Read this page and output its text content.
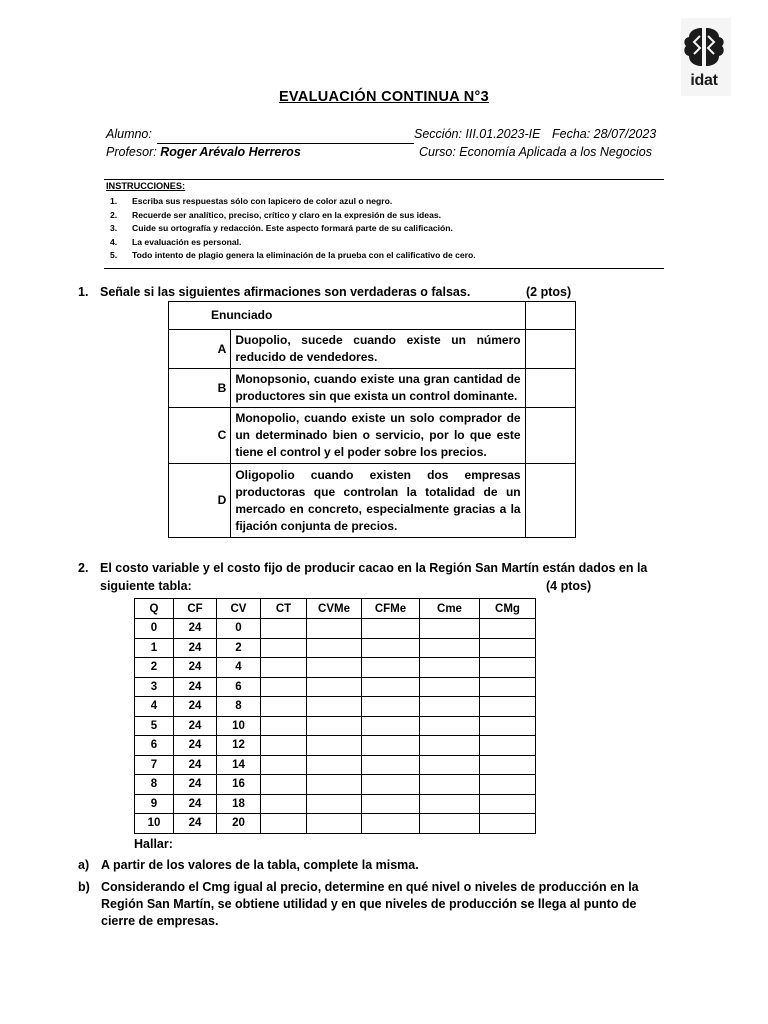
idat
EVALUACIÓN CONTINUA N°3
Alumno:	Sección: III.01.2023-IE Fecha: 28/07/2023
Profesor: Roger Arévalo Herreros	Curso: Economía Aplicada a los Negocios
INSTRUCCIONES:
1. Escriba sus respuestas sólo con lapicero de color azul o negro.
2. Recuerde ser analítico, preciso, crítico y claro en la expresión de sus ideas.
3. Cuide su ortografía y redacción. Este aspecto formará parte de su calificación.
4. La evaluación es personal.
5. Todo intento de plagio genera la eliminación de la prueba con el calificativo de cero.
1. Señale si las siguientes afirmaciones son verdaderas o falsas.	(2 ptos)
Enunciado		
A	Duopolio, sucede cuando existe un número reducido de vendedores.	
B	Monopsonio, cuando existe una gran cantidad de productores sin que exista un control dominante.	
C	Monopolio, cuando existe un solo comprador de un determinado bien o servicio, por lo que este tiene el control y el poder sobre los precios.	
D	Oligopolio cuando existen dos empresas productoras que controlan la totalidad de un mercado en concreto, especialmente gracias a la fijación conjunta de precios.	
2. El costo variable y el costo fijo de producir cacao en la Región San Martín están dados en la
siguiente tabla:	(4 ptos)
Q	CF	CV	CT	CVMe	CFMe	Cme	CMg
0	24	0					
1	24	2					
2	24	4					
3	24	6					
4	24	8					
5	24	10					
6	24	12					
7	24	14					
8	24	16					
9	24	18					
10	24	20					
Hallar:
a) A partir de los valores de la tabla, complete la misma.
b) Considerando el Cmg igual al precio, determine en qué nivel o niveles de producción en la Región San Martín, se obtiene utilidad y en que niveles de producción se llega al punto de cierre de empresas.
